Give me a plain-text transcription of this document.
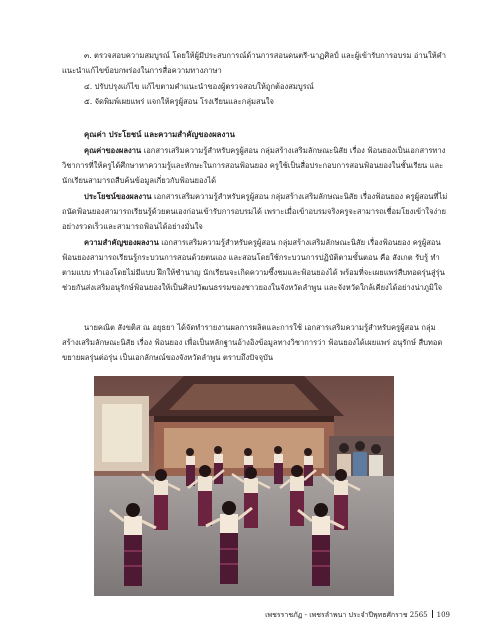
๓. ตรวจสอบความสมบูรณ์ โดยให้ผู้มีประสบการณ์ด้านการสอนดนตรี-นาฏศิลป์ และผู้เข้ารับการอบรม อ่านให้คำแนะนำแก้ไขข้อบกพร่องในการสื่อความทางภาษา

๔. ปรับปรุงแก้ไข แก้ไขตามคำแนะนำของผู้ตรวจสอบให้ถูกต้องสมบูรณ์

๕. จัดพิมพ์เผยแพร่ แจกให้ครูผู้สอน โรงเรียนและกลุ่มสนใจ

คุณค่า ประโยชน์ และความสำคัญของผลงาน

คุณค่าของผลงาน เอกสารเสริมความรู้สำหรับครูผู้สอน กลุ่มสร้างเสริมลักษณะนิสัย เรื่อง ฟ้อนยองเป็นเอกสารทางวิชาการที่ให้ครูได้ศึกษาหาความรู้และทักษะในการสอนฟ้อนยอง ครูใช้เป็นสื่อประกอบการสอนฟ้อนยองในชั้นเรียน และนักเรียนสามารถสืบค้นข้อมูลเกี่ยวกับฟ้อนยองได้

ประโยชน์ของผลงาน เอกสารเสริมความรู้สำหรับครูผู้สอน กลุ่มสร้างเสริมลักษณะนิสัย เรื่องฟ้อนยอง ครูผู้สอนที่ไม่ถนัดฟ้อนยองสามารถเรียนรู้ด้วยตนเองก่อนเข้ารับการอบรมได้ เพราะเมื่อเข้าอบรมจริงครูจะสามารถเชื่อมโยงเข้าใจง่ายอย่างรวดเร็วและสามารถฟ้อนได้อย่างมั่นใจ

ความสำคัญของผลงาน เอกสารเสริมความรู้สำหรับครูผู้สอน กลุ่มสร้างเสริมลักษณะนิสัย เรื่องฟ้อนยอง ครูผู้สอนฟ้อนยองสามารถเรียนรู้กระบวนการสอนด้วยตนเอง และสอนโดยใช้กระบวนการปฏิบัติตามขั้นตอน คือ สังเกต รับรู้ ทำตามแบบ ทำเองโดยไม่มีแบบ ฝึกให้ชำนาญ นักเรียนจะเกิดความซึ้งชมและฟ้อนยองได้ พร้อมที่จะเผยแพร่สืบทอดรุ่นสู่รุ่น ช่วยกันส่งเสริมอนุรักษ์ฟ้อนยองให้เป็นศิลปวัฒนธรรมของชาวยองในจังหวัดลำพูน และจังหวัดใกล้เคียงได้อย่างน่าภูมิใจ

นายคณิต สังขติส ณ อยุธยา ได้จัดทำรายงานผลการผลิตและการใช้ เอกสารเสริมความรู้สำหรับครูผู้สอน กลุ่มสร้างเสริมลักษณะนิสัย เรื่อง ฟ้อนยอง เพื่อเป็นหลักฐานอ้างอิงข้อมูลทางวิชาการว่า ฟ้อนยองได้เผยแพร่ อนุรักษ์ สืบทอด ขยายผลรุ่นต่อรุ่น เป็นเอกลักษณ์ของจังหวัดลำพูน ตราบถึงปัจจุบัน

เพชรราชภัฏ - เพชรลำพนา ประจำปีพุทธศักราช 2565 109
